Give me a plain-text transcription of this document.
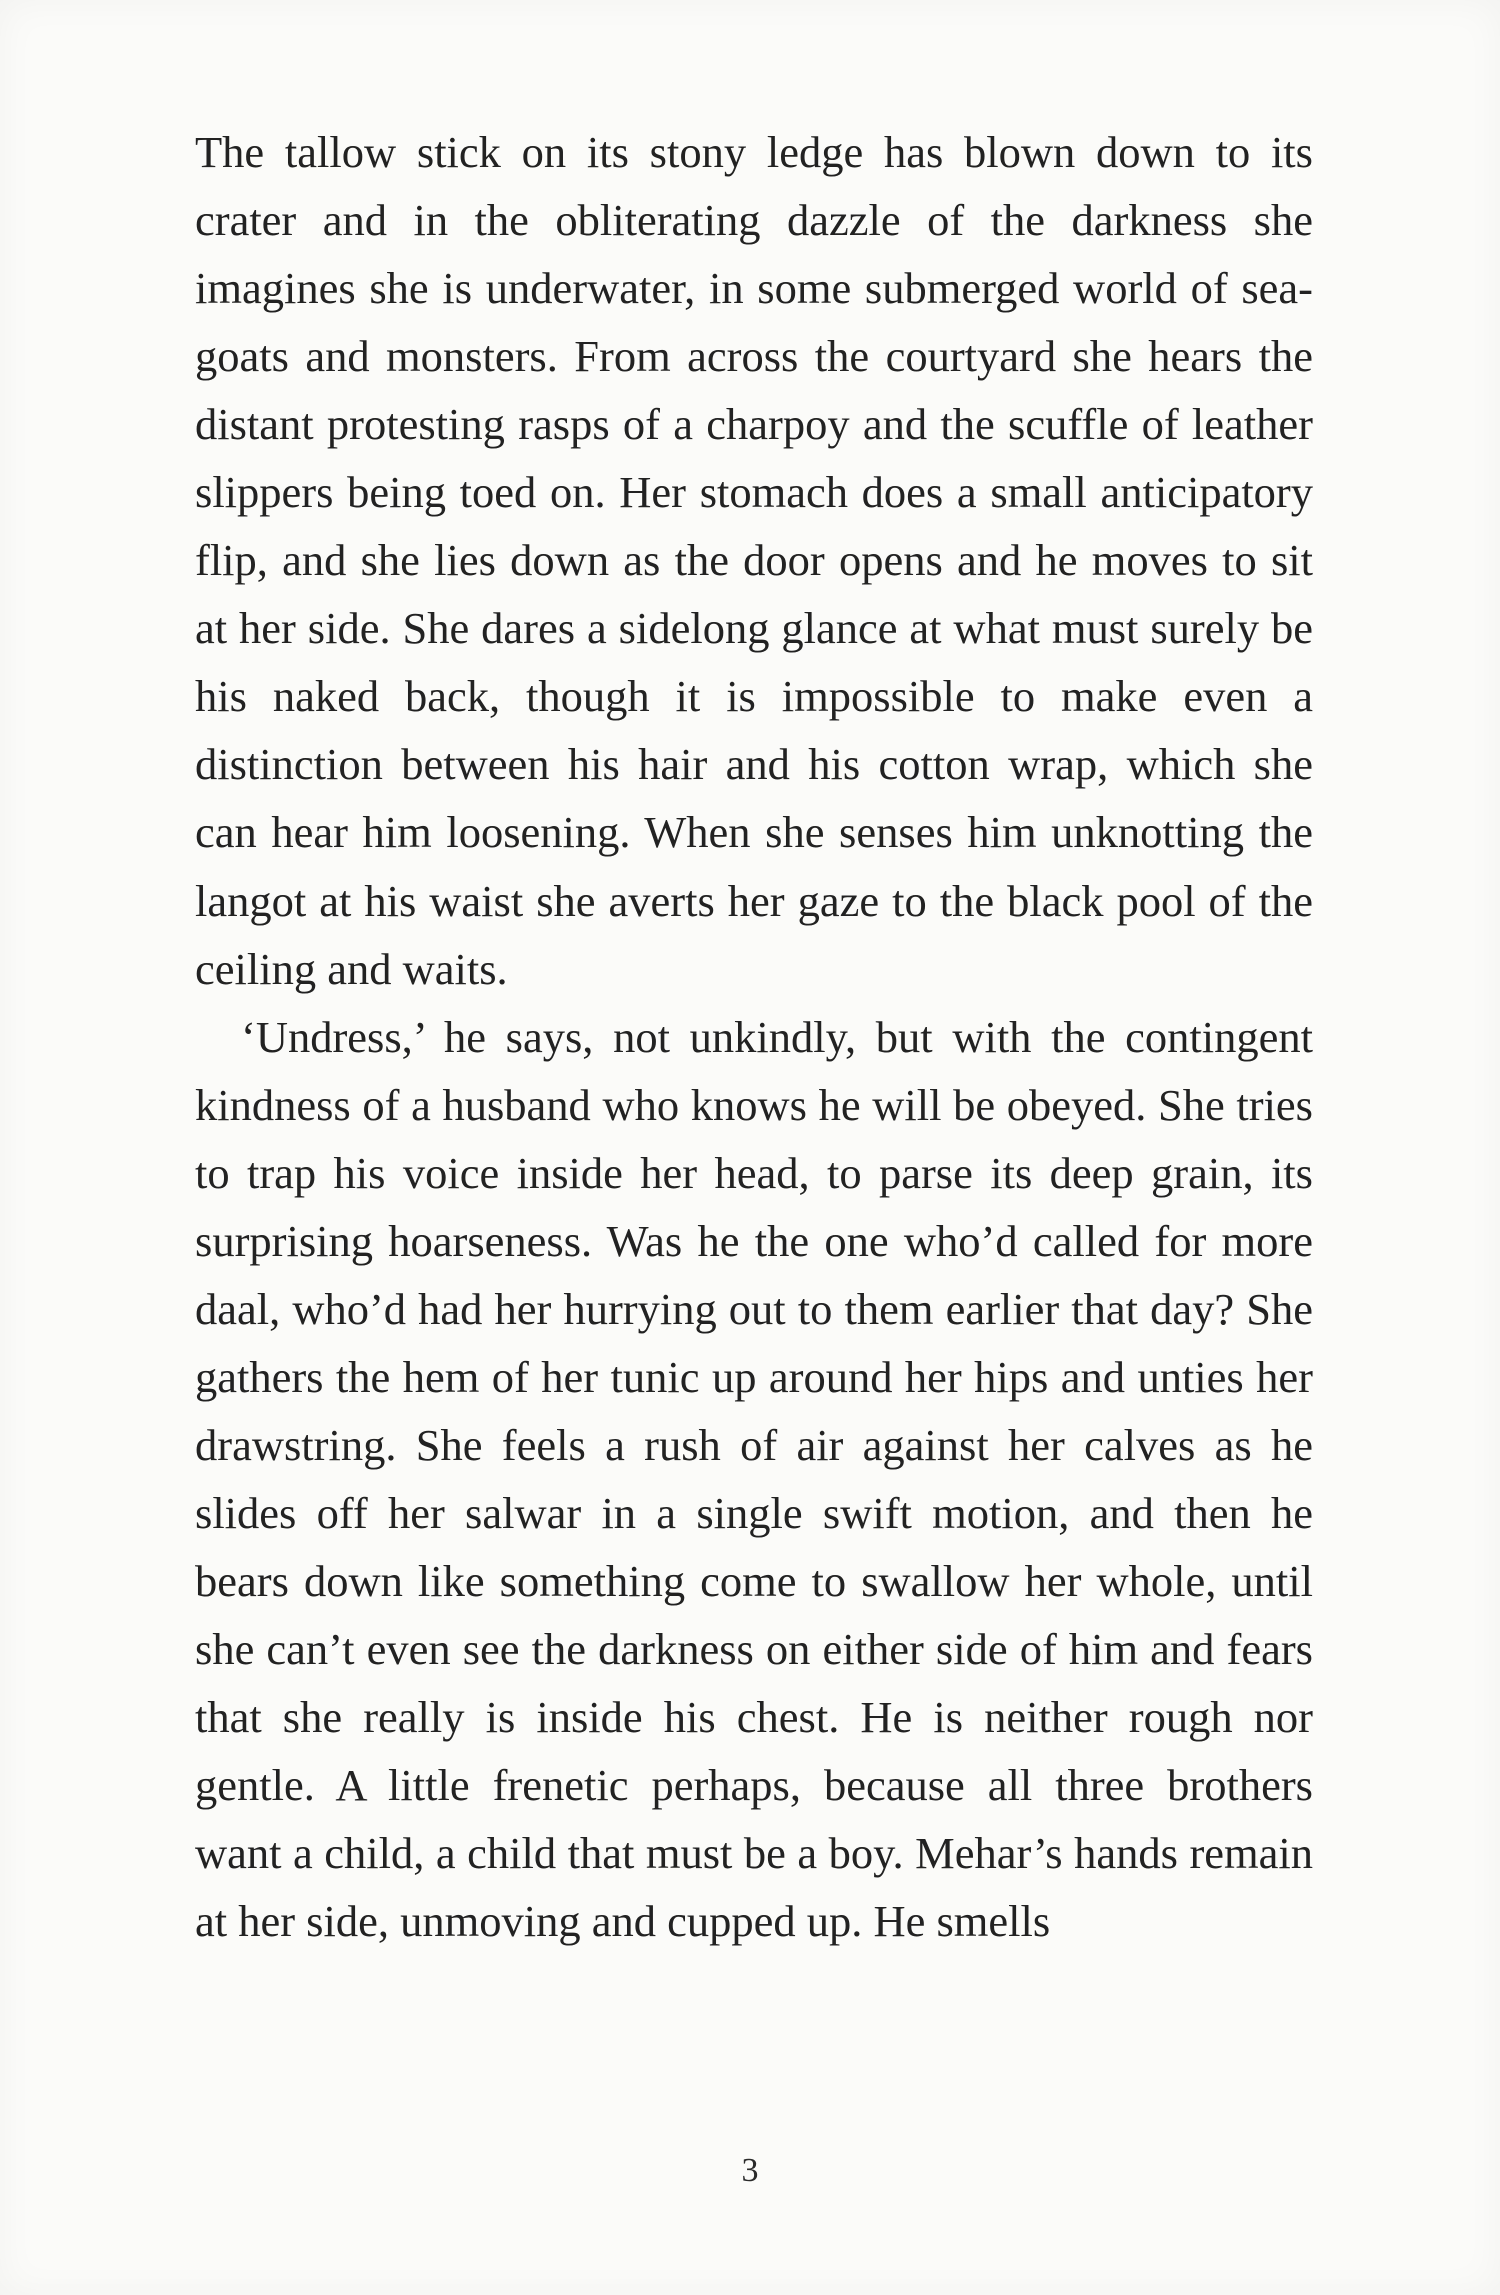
The tallow stick on its stony ledge has blown down to its crater and in the obliterating dazzle of the darkness she imagines she is underwater, in some submerged world of sea-goats and monsters. From across the courtyard she hears the distant protesting rasps of a charpoy and the scuffle of leather slippers being toed on. Her stomach does a small anticipatory flip, and she lies down as the door opens and he moves to sit at her side. She dares a sidelong glance at what must surely be his naked back, though it is impossible to make even a distinction between his hair and his cotton wrap, which she can hear him loosening. When she senses him unknotting the langot at his waist she averts her gaze to the black pool of the ceiling and waits.

‘Undress,’ he says, not unkindly, but with the contingent kindness of a husband who knows he will be obeyed. She tries to trap his voice inside her head, to parse its deep grain, its surprising hoarseness. Was he the one who’d called for more daal, who’d had her hurrying out to them earlier that day? She gathers the hem of her tunic up around her hips and unties her drawstring. She feels a rush of air against her calves as he slides off her salwar in a single swift motion, and then he bears down like something come to swallow her whole, until she can’t even see the darkness on either side of him and fears that she really is inside his chest. He is neither rough nor gentle. A little frenetic perhaps, because all three brothers want a child, a child that must be a boy. Mehar’s hands remain at her side, unmoving and cupped up. He smells

3
